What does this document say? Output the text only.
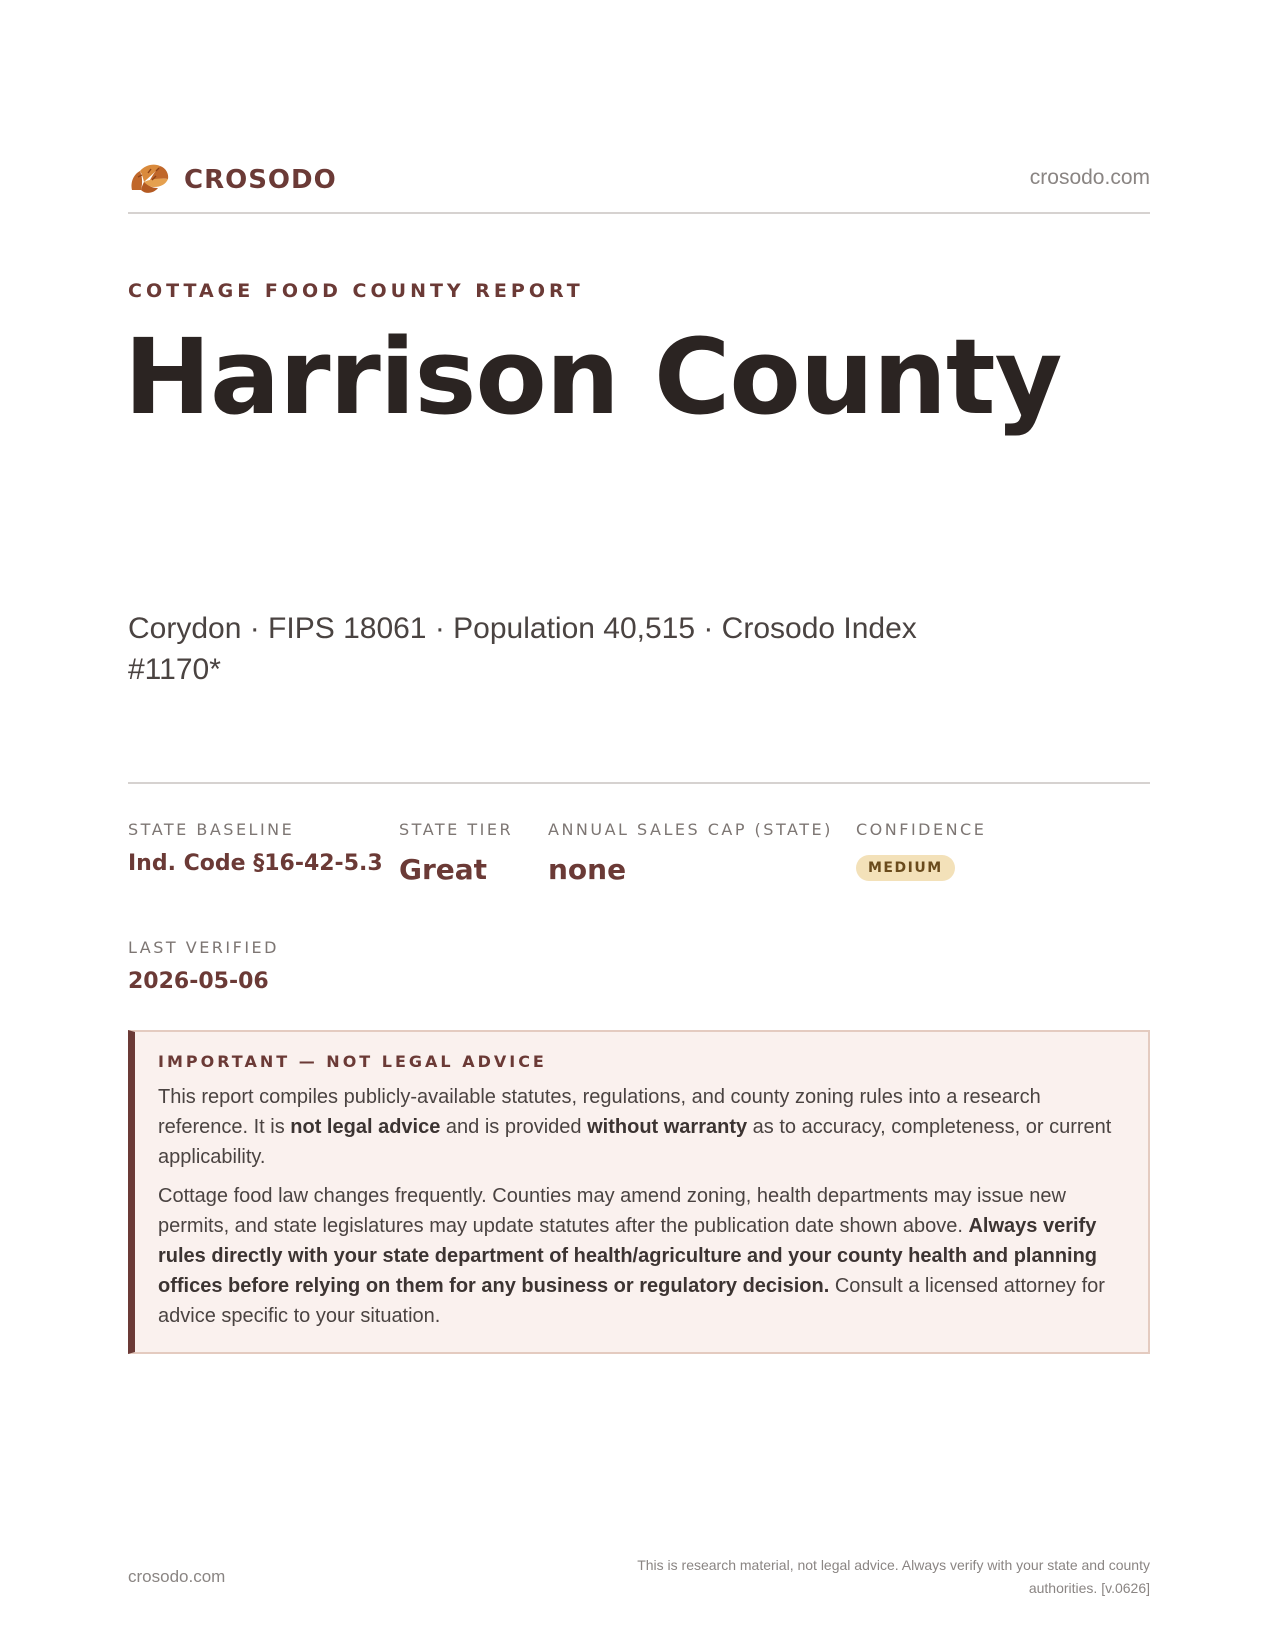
CROSODO	crosodo.com
COTTAGE FOOD COUNTY REPORT
Harrison County

Corydon · FIPS 18061 · Population 40,515 · Crosodo Index #1170*

STATE BASELINE
Ind. Code §16-42-5.3
STATE TIER
Great
ANNUAL SALES CAP (STATE)
none
CONFIDENCE
MEDIUM
LAST VERIFIED
2026-05-06
IMPORTANT — NOT LEGAL ADVICE

This report compiles publicly-available statutes, regulations, and county zoning rules into a research reference. It is not legal advice and is provided without warranty as to accuracy, completeness, or current applicability.

Cottage food law changes frequently. Counties may amend zoning, health departments may issue new permits, and state legislatures may update statutes after the publication date shown above. Always verify rules directly with your state department of health/agriculture and your county health and planning offices before relying on them for any business or regulatory decision. Consult a licensed attorney for advice specific to your situation.

crosodo.com
This is research material, not legal advice. Always verify with your state and county authorities. [v.0626]
